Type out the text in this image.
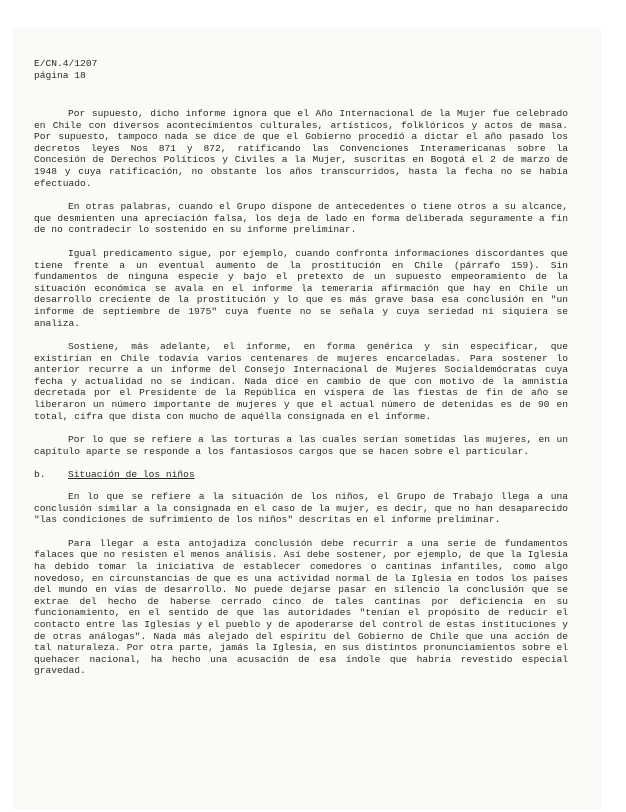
E/CN.4/1207
página 18

Por supuesto, dicho informe ignora que el Año Internacional de la Mujer fue celebrado en Chile con diversos acontecimientos culturales, artísticos, folklóricos y actos de masa. Por supuesto, tampoco nada se dice de que el Gobierno procedió a dictar el año pasado los decretos leyes Nos 871 y 872, ratificando las Convenciones Interamericanas sobre la Concesión de Derechos Políticos y Civiles a la Mujer, suscritas en Bogotá el 2 de marzo de 1948 y cuya ratificación, no obstante los años transcurridos, hasta la fecha no se había efectuado.

En otras palabras, cuando el Grupo dispone de antecedentes o tiene otros a su alcance, que desmienten una apreciación falsa, los deja de lado en forma deliberada seguramente a fin de no contradecir lo sostenido en su informe preliminar.

Igual predicamento sigue, por ejemplo, cuando confronta informaciones discordantes que tiene frente a un eventual aumento de la prostitución en Chile (párrafo 159). Sin fundamentos de ninguna especie y bajo el pretexto de un supuesto empeoramiento de la situación económica se avala en el informe la temeraria afirmación que hay en Chile un desarrollo creciente de la prostitución y lo que es más grave basa esa conclusión en "un informe de septiembre de 1975" cuya fuente no se señala y cuya seriedad ni siquiera se analiza.

Sostiene, más adelante, el informe, en forma genérica y sin especificar, que existirían en Chile todavía varios centenares de mujeres encarceladas. Para sostener lo anterior recurre a un informe del Consejo Internacional de Mujeres Socialdemócratas cuya fecha y actualidad no se indican. Nada dice en cambio de que con motivo de la amnistía decretada por el Presidente de la República en víspera de las fiestas de fin de año se liberaron un número importante de mujeres y que el actual número de detenidas es de 90 en total, cifra que dista con mucho de aquélla consignada en el informe.

Por lo que se refiere a las torturas a las cuales serían sometidas las mujeres, en un capítulo aparte se responde a los fantasiosos cargos que se hacen sobre el particular.

b. Situación de los niños

En lo que se refiere a la situación de los niños, el Grupo de Trabajo llega a una conclusión similar a la consignada en el caso de la mujer, es decir, que no han desaparecido "las condiciones de sufrimiento de los niños" descritas en el informe preliminar.

Para llegar a esta antojadiza conclusión debe recurrir a una serie de fundamentos falaces que no resisten el menos análisis. Así debe sostener, por ejemplo, de que la Iglesia ha debido tomar la iniciativa de establecer comedores o cantinas infantiles, como algo novedoso, en circunstancias de que es una actividad normal de la Iglesia en todos los países del mundo en vías de desarrollo. No puede dejarse pasar en silencio la conclusión que se extrae del hecho de haberse cerrado cinco de tales cantinas por deficiencia en su funcionamiento, en el sentido de que las autoridades "tenían el propósito de reducir el contacto entre las Iglesias y el pueblo y de apoderarse del control de estas instituciones y de otras análogas". Nada más alejado del espíritu del Gobierno de Chile que una acción de tal naturaleza. Por otra parte, jamás la Iglesia, en sus distintos pronunciamientos sobre el quehacer nacional, ha hecho una acusación de esa índole que habría revestido especial gravedad.
